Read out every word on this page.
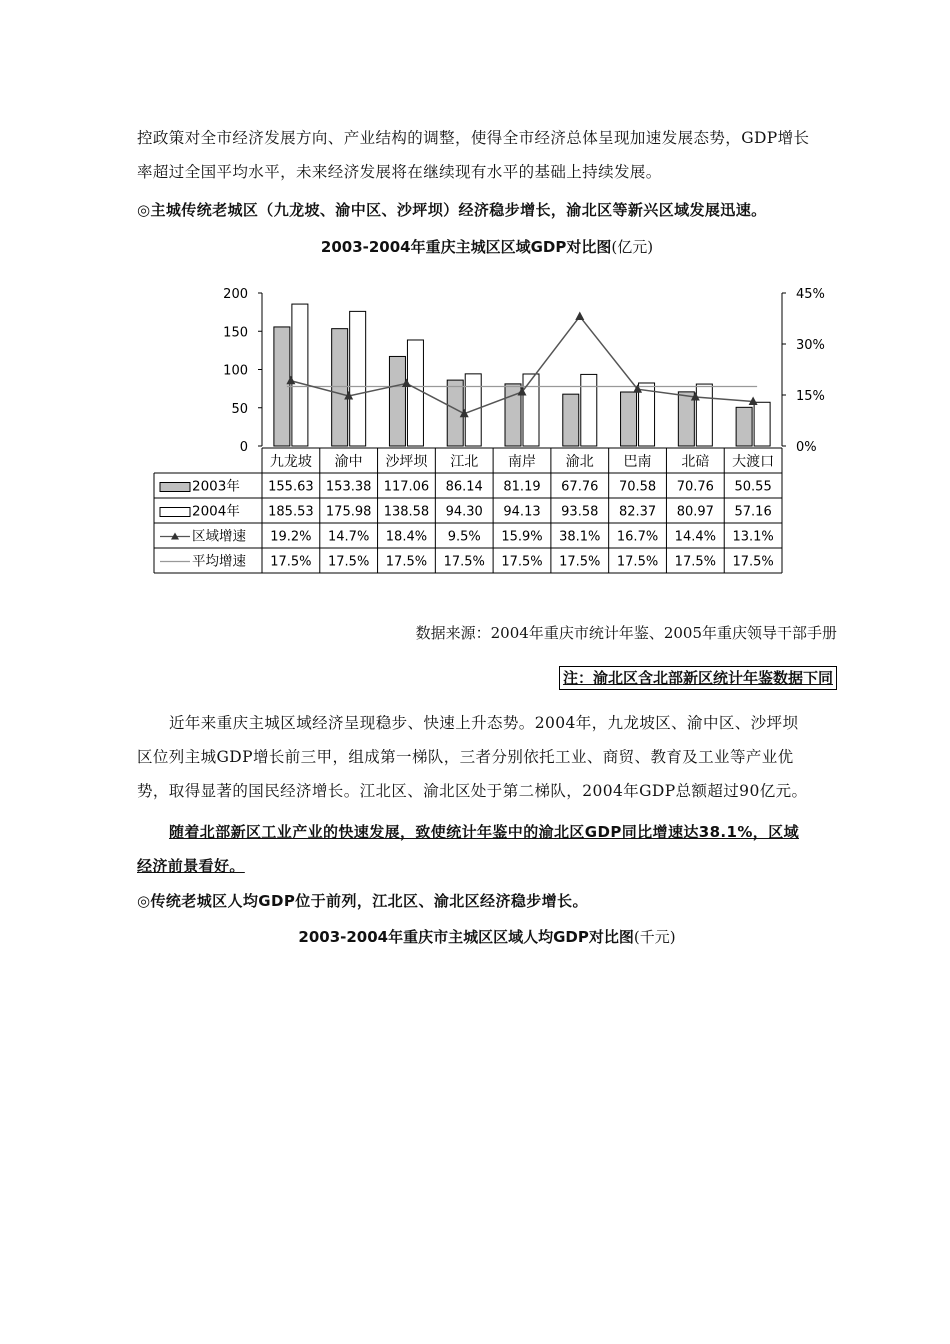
控政策对全市经济发展方向、产业结构的调整，使得全市经济总体呈现加速发展态势，GDP增长
率超过全国平均水平，未来经济发展将在继续现有水平的基础上持续发展。
◎主城传统老城区（九龙坡、渝中区、沙坪坝）经济稳步增长，渝北区等新兴区域发展迅速。
2003-2004年重庆主城区区域GDP对比图(亿元)
200
150
100
50
0
45%
30%
15%
0%
九龙坡 渝中 沙坪坝 江北 南岸 渝北 巴南 北碚 大渡口
2003年 155.63 153.38 117.06 86.14 81.19 67.76 70.58 70.76 50.55
2004年 185.53 175.98 138.58 94.30 94.13 93.58 82.37 80.97 57.16
区域增速 19.2% 14.7% 18.4% 9.5% 15.9% 38.1% 16.7% 14.4% 13.1%
平均增速 17.5% 17.5% 17.5% 17.5% 17.5% 17.5% 17.5% 17.5% 17.5%
数据来源：2004年重庆市统计年鉴、2005年重庆领导干部手册
注：渝北区含北部新区统计年鉴数据下同
近年来重庆主城区域经济呈现稳步、快速上升态势。2004年，九龙坡区、渝中区、沙坪坝
区位列主城GDP增长前三甲，组成第一梯队，三者分别依托工业、商贸、教育及工业等产业优
势，取得显著的国民经济增长。江北区、渝北区处于第二梯队，2004年GDP总额超过90亿元。
随着北部新区工业产业的快速发展，致使统计年鉴中的渝北区GDP同比增速达38.1%，区域
经济前景看好。
◎传统老城区人均GDP位于前列，江北区、渝北区经济稳步增长。
2003-2004年重庆市主城区区域人均GDP对比图(千元)
